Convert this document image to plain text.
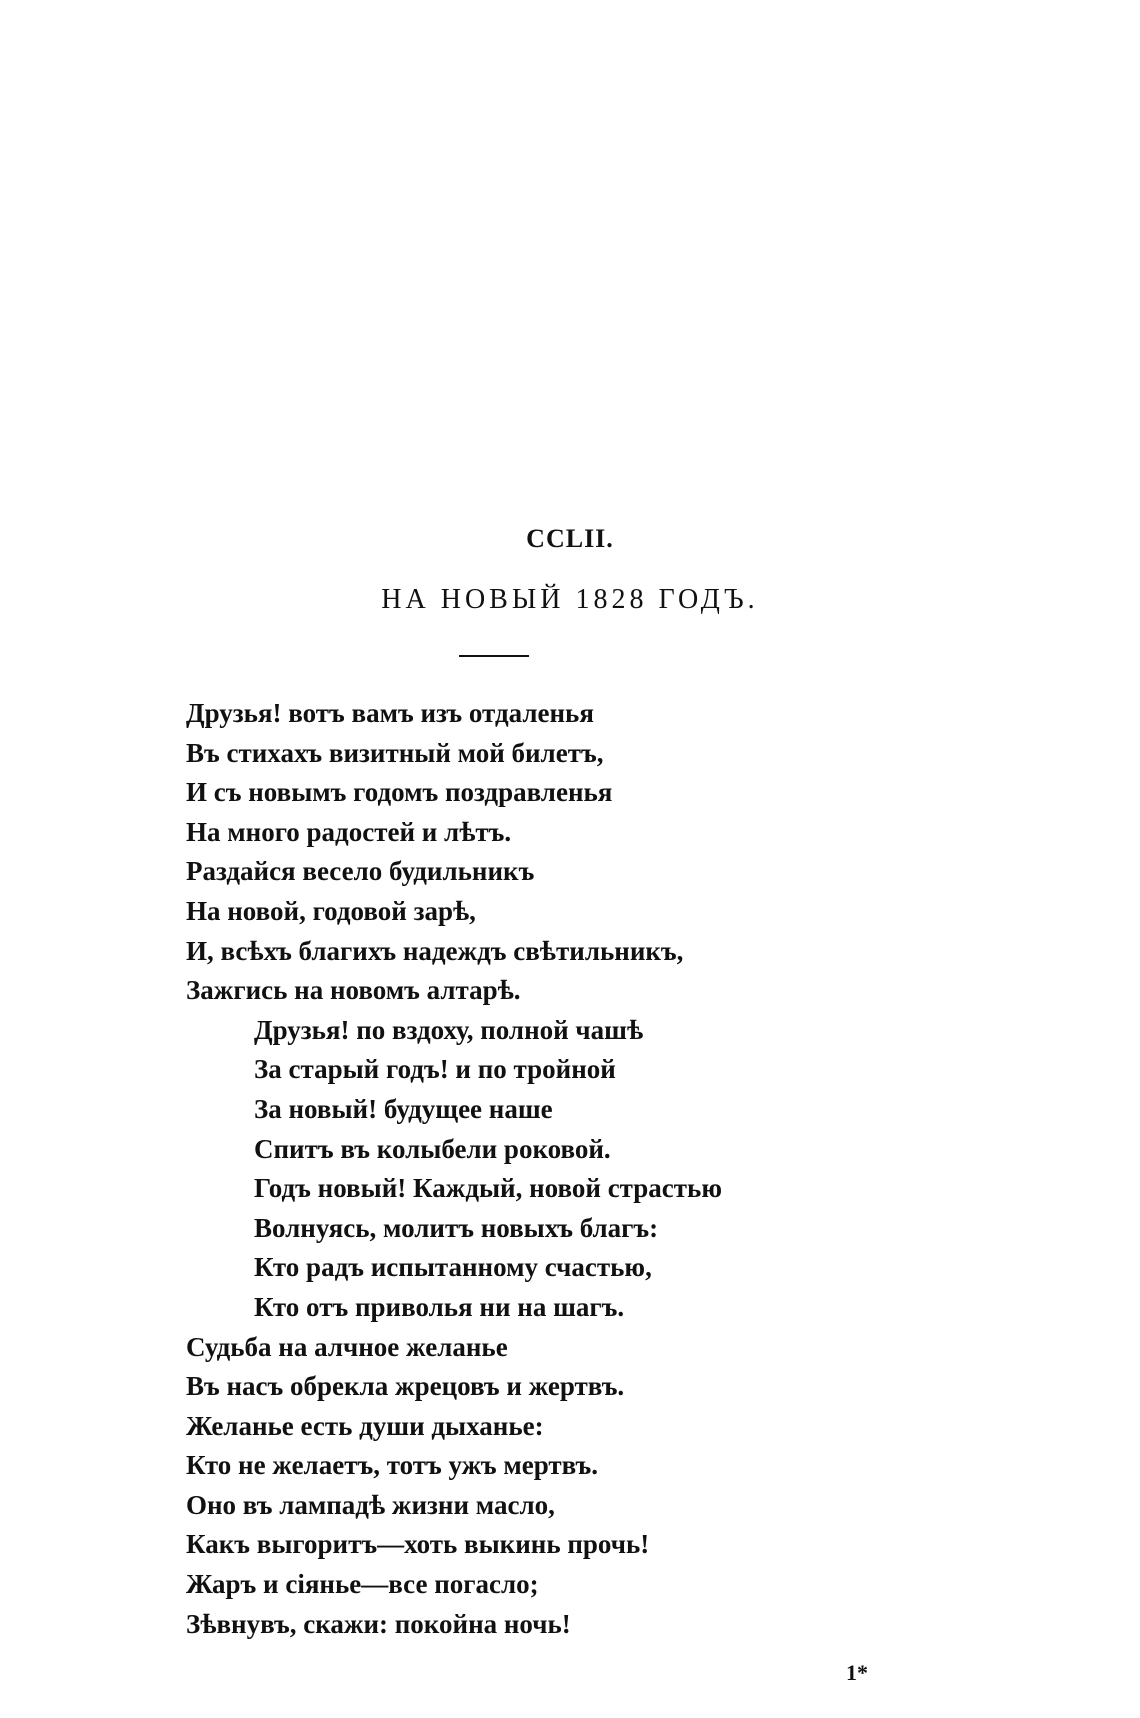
CCLII.
НА НОВЫЙ 1828 ГОДЪ.
Друзья! вотъ вамъ изъ отдаленья
Въ стихахъ визитный мой билетъ,
И съ новымъ годомъ поздравленья
На много радостей и лѣтъ.
Раздайся весело будильникъ
На новой, годовой зарѣ,
И, всѣхъ благихъ надеждъ свѣтильникъ,
Зажгись на новомъ алтарѣ.
Друзья! по вздоху, полной чашѣ
За старый годъ! и по тройной
За новый! будущее наше
Спитъ въ колыбели роковой.
Годъ новый! Каждый, новой страстью
Волнуясь, молитъ новыхъ благъ:
Кто радъ испытанному счастью,
Кто отъ приволья ни на шагъ.
Судьба на алчное желанье
Въ насъ обрекла жрецовъ и жертвъ.
Желанье есть души дыханье:
Кто не желаетъ, тотъ ужъ мертвъ.
Оно въ лампадѣ жизни масло,
Какъ выгоритъ—хоть выкинь прочь!
Жаръ и сіянье—все погасло;
Зѣвнувъ, скажи: покойна ночь!
1*
